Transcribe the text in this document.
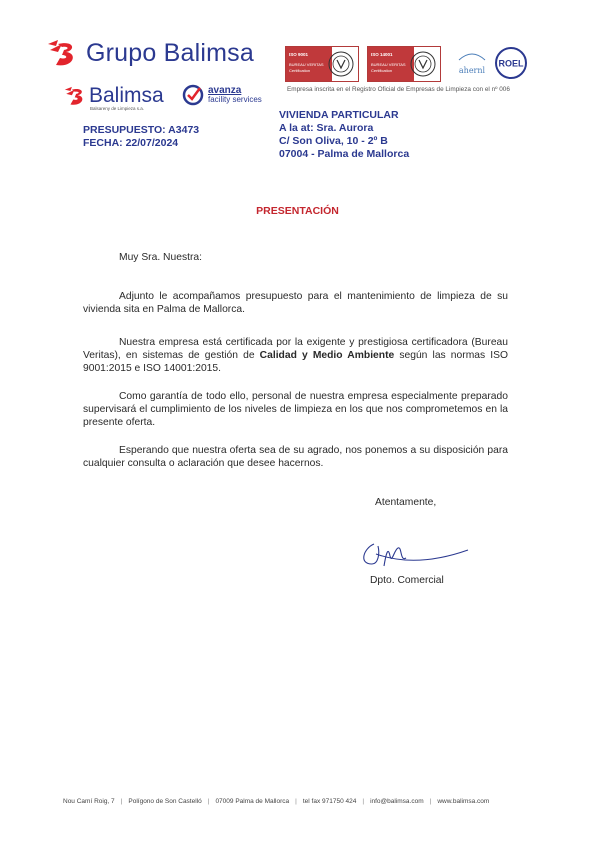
Grupo Balimsa
Balimsa
Balsareny de Limpieza s.a.
avanza
facility services
ISO 9001
BUREAU VERITAS
Certification
ISO 14001
BUREAU VERITAS
Certification	ahernl

ROEL
Empresa inscrita en el Registro Oficial de Empresas de Limpieza con el nº 006
PRESUPUESTO: A3473
FECHA: 22/07/2024
VIVIENDA PARTICULAR
A la at: Sra. Aurora
C/ Son Oliva, 10 - 2º B
07004 - Palma de Mallorca
PRESENTACIÓN
Muy Sra. Nuestra:
Adjunto le acompañamos presupuesto para el mantenimiento de limpieza de su vivienda sita en Palma de Mallorca.
Nuestra empresa está certificada por la exigente y prestigiosa certificadora (Bureau Veritas), en sistemas de gestión de Calidad y Medio Ambiente según las normas ISO 9001:2015 e ISO 14001:2015.
Como garantía de todo ello, personal de nuestra empresa especialmente preparado supervisará el cumplimiento de los niveles de limpieza en los que nos comprometemos en la presente oferta.
Esperando que nuestra oferta sea de su agrado, nos ponemos a su disposición para cualquier consulta o aclaración que desee hacernos.
Atentamente,
Dpto. Comercial
Nou Camí Roig, 7 | Polígono de Son Castelló | 07009 Palma de Mallorca | tel fax 971750 424 | info@balimsa.com | www.balimsa.com
